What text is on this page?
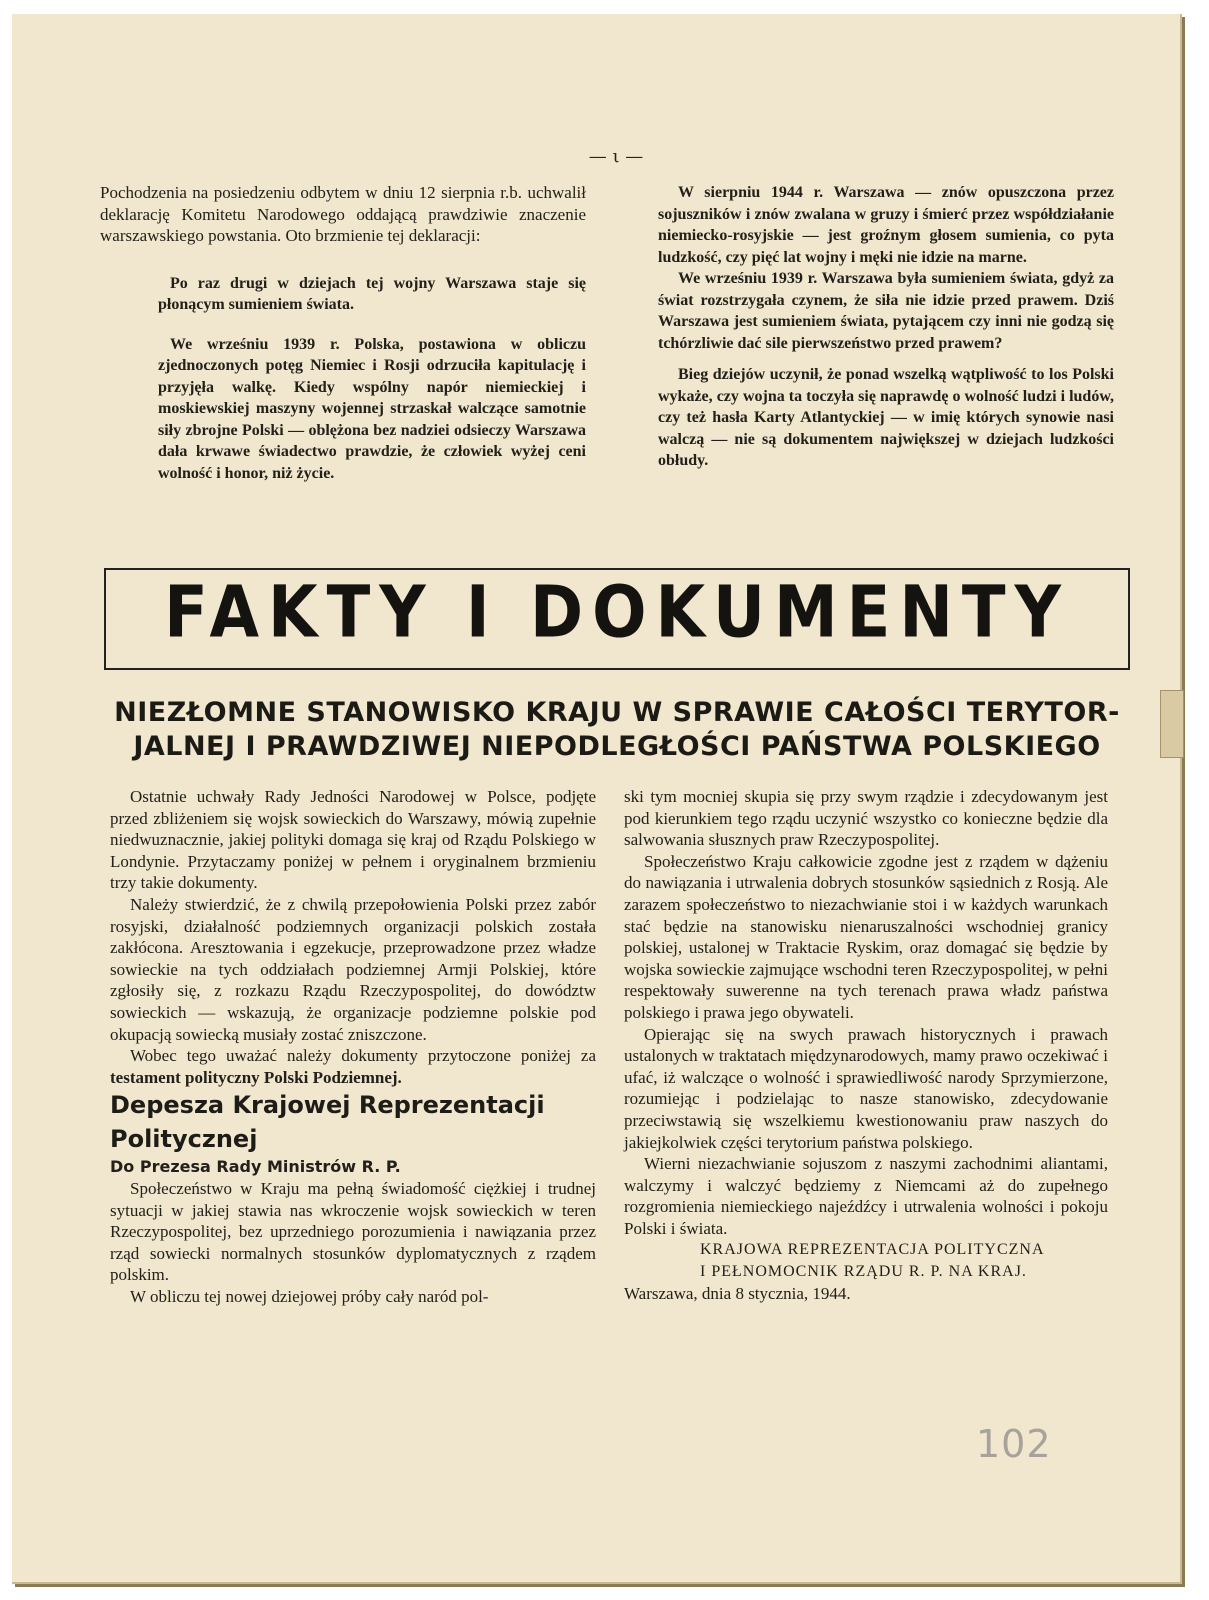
— ι —

Pochodzenia na posiedzeniu odbytem w dniu 12 sierpnia r.b. uchwalił deklarację Komitetu Narodowego oddającą prawdziwie znaczenie warszawskiego powstania. Oto brzmienie tej deklaracji:

Po raz drugi w dziejach tej wojny Warszawa staje się płonącym sumieniem świata.

We wrześniu 1939 r. Polska, postawiona w obliczu zjednoczonych potęg Niemiec i Rosji odrzuciła kapitulację i przyjęła walkę. Kiedy wspólny napór niemieckiej i moskiewskiej maszyny wojennej strzaskał walczące samotnie siły zbrojne Polski — oblężona bez nadziei odsieczy Warszawa dała krwawe świadectwo prawdzie, że człowiek wyżej ceni wolność i honor, niż życie.

W sierpniu 1944 r. Warszawa — znów opuszczona przez sojuszników i znów zwalana w gruzy i śmierć przez współdziałanie niemiecko-rosyjskie — jest groźnym głosem sumienia, co pyta ludzkość, czy pięć lat wojny i męki nie idzie na marne.

We wrześniu 1939 r. Warszawa była sumieniem świata, gdyż za świat rozstrzygała czynem, że siła nie idzie przed prawem. Dziś Warszawa jest sumieniem świata, pytającem czy inni nie godzą się tchórzliwie dać sile pierwszeństwo przed prawem?

Bieg dziejów uczynił, że ponad wszelką wątpliwość to los Polski wykaże, czy wojna ta toczyła się naprawdę o wolność ludzi i ludów, czy też hasła Karty Atlantyckiej — w imię których synowie nasi walczą — nie są dokumentem największej w dziejach ludzkości obłudy.

FAKTY I DOKUMENTY
NIEZŁOMNE STANOWISKO KRAJU W SPRAWIE CAŁOŚCI TERYTOR-
JALNEJ I PRAWDZIWEJ NIEPODLEGŁOŚCI PAŃSTWA POLSKIEGO

Ostatnie uchwały Rady Jedności Narodowej w Polsce, podjęte przed zbliżeniem się wojsk sowieckich do Warszawy, mówią zupełnie niedwuznacznie, jakiej polityki domaga się kraj od Rządu Polskiego w Londynie. Przytaczamy poniżej w pełnem i oryginalnem brzmieniu trzy takie dokumenty.

Należy stwierdzić, że z chwilą przepołowienia Polski przez zabór rosyjski, działalność podziemnych organizacji polskich została zakłócona. Aresztowania i egzekucje, przeprowadzone przez władze sowieckie na tych oddziałach podziemnej Armji Polskiej, które zgłosiły się, z rozkazu Rządu Rzeczypospolitej, do dowództw sowieckich — wskazują, że organizacje podziemne polskie pod okupacją sowiecką musiały zostać zniszczone.

Wobec tego uważać należy dokumenty przytoczone poniżej za testament polityczny Polski Podziemnej.

Depesza Krajowej Reprezentacji Politycznej

Do Prezesa Rady Ministrów R. P.

Społeczeństwo w Kraju ma pełną świadomość ciężkiej i trudnej sytuacji w jakiej stawia nas wkroczenie wojsk sowieckich w teren Rzeczypospolitej, bez uprzedniego porozumienia i nawiązania przez rząd sowiecki normalnych stosunków dyplomatycznych z rządem polskim.

W obliczu tej nowej dziejowej próby cały naród pol-

ski tym mocniej skupia się przy swym rządzie i zdecydowanym jest pod kierunkiem tego rządu uczynić wszystko co konieczne będzie dla salwowania słusznych praw Rzeczypospolitej.

Społeczeństwo Kraju całkowicie zgodne jest z rządem w dążeniu do nawiązania i utrwalenia dobrych stosunków sąsiednich z Rosją. Ale zarazem społeczeństwo to niezachwianie stoi i w każdych warunkach stać będzie na stanowisku nienaruszalności wschodniej granicy polskiej, ustalonej w Traktacie Ryskim, oraz domagać się będzie by wojska sowieckie zajmujące wschodni teren Rzeczypospolitej, w pełni respektowały suwerenne na tych terenach prawa władz państwa polskiego i prawa jego obywateli.

Opierając się na swych prawach historycznych i prawach ustalonych w traktatach międzynarodowych, mamy prawo oczekiwać i ufać, iż walczące o wolność i sprawiedliwość narody Sprzymierzone, rozumiejąc i podzielając to nasze stanowisko, zdecydowanie przeciwstawią się wszelkiemu kwestionowaniu praw naszych do jakiejkolwiek części terytorium państwa polskiego.

Wierni niezachwianie sojuszom z naszymi zachodnimi aliantami, walczymy i walczyć będziemy z Niemcami aż do zupełnego rozgromienia niemieckiego najeźdźcy i utrwalenia wolności i pokoju Polski i świata.

KRAJOWA REPREZENTACJA POLITYCZNA

I PEŁNOMOCNIK RZĄDU R. P. NA KRAJ.

Warszawa, dnia 8 stycznia, 1944.

102
